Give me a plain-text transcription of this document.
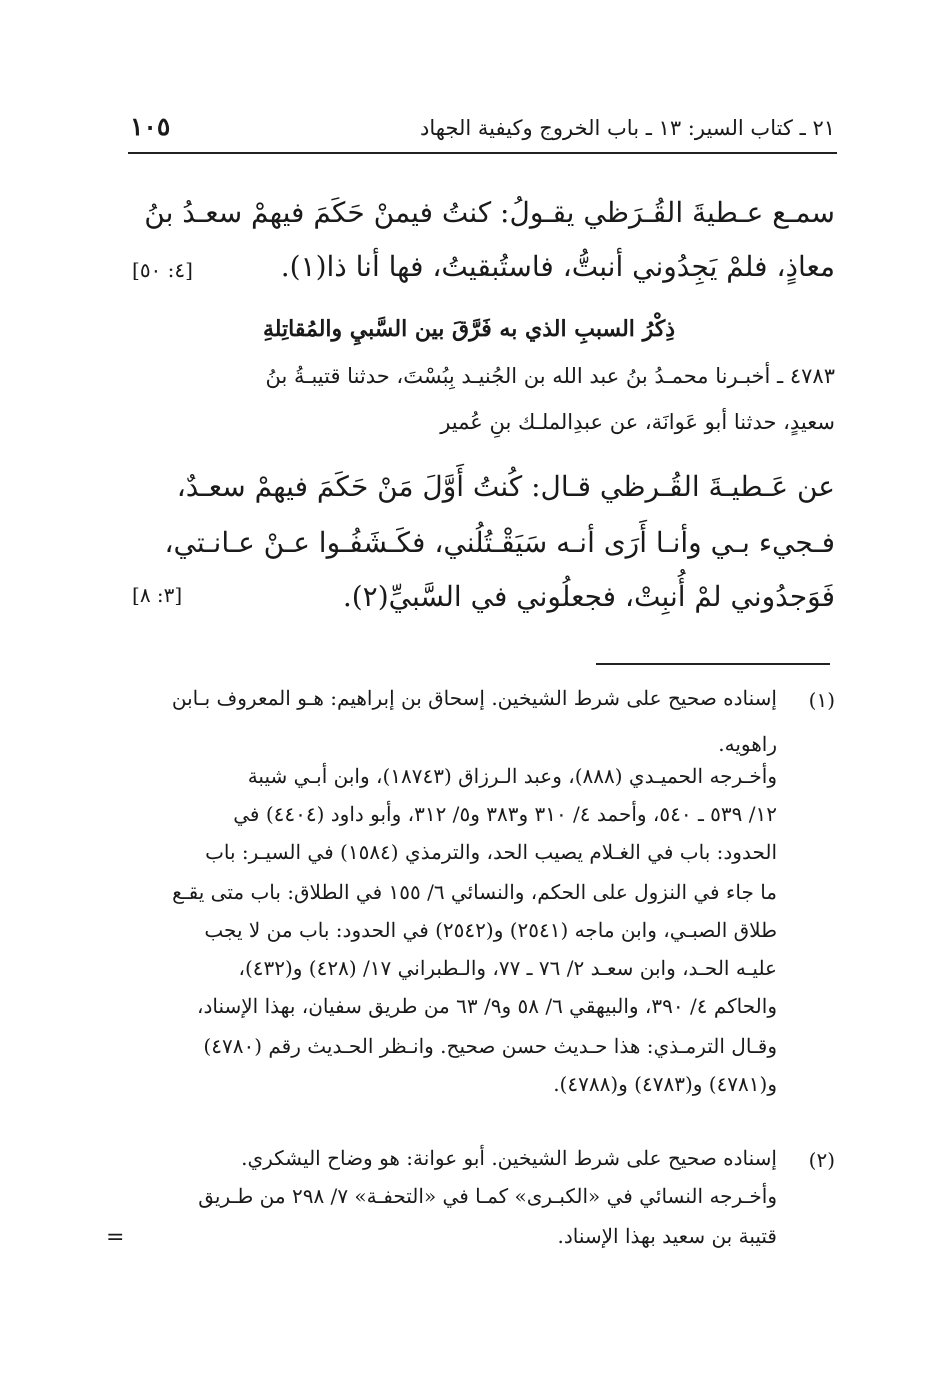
٢١ ـ كتاب السير: ١٣ ـ باب الخروج وكيفية الجهاد
١٠٥
سمـع عـطيةَ القُـرَظي يقـولُ: كنتُ فيمنْ حَكَمَ فيهمْ سعـدُ بنُ
معاذٍ، فلمْ يَجِدُوني أنبتُّ، فاستُبقيتُ، فها أنا ذا(١).
[٤: ٥٠]
ذِكْرُ السببِ الذي به فَرَّقَ بين السَّبيِ والمُقاتِلةِ
٤٧٨٣ ـ أخبـرنا محمـدُ بنُ عبد الله بن الجُنيـد بِبُسْتَ، حدثنا قتيبـةُ بنُ
سعيدٍ، حدثنا أبو عَوانَة، عن عبدِالملـك بنِ عُمير
عن عَـطيـةَ القُـرظي قـال: كُنتُ أَوَّلَ مَنْ حَكَمَ فيهمْ سعـدٌ،
فـجيء بـي وأنـا أَرَى أنـه سَيَقْـتُلُني، فكَـشَفُـوا عـنْ عـانـتي،
فَوَجدُوني لمْ أُنبِتْ، فجعلُوني في السَّبيِّ(٢).
[٣: ٨]
(١)
إسناده صحيح على شرط الشيخين. إسحاق بن إبراهيم: هـو المعروف بـابن
راهويه.
وأخـرجه الحميـدي (٨٨٨)، وعبد الـرزاق (١٨٧٤٣)، وابن أبـي شيبة
١٢/ ٥٣٩ ـ ٥٤٠، وأحمد ٤/ ٣١٠ و٣٨٣ و٥/ ٣١٢، وأبو داود (٤٤٠٤) في
الحدود: باب في الغـلام يصيب الحد، والترمذي (١٥٨٤) في السيـر: باب
ما جاء في النزول على الحكم، والنسائي ٦/ ١٥٥ في الطلاق: باب متى يقـع
طلاق الصبـي، وابن ماجه (٢٥٤١) و(٢٥٤٢) في الحدود: باب من لا يجب
عليـه الحـد، وابن سعـد ٢/ ٧٦ ـ ٧٧، والـطبراني ١٧/ (٤٢٨) و(٤٣٢)،
والحاكم ٤/ ٣٩٠، والبيهقي ٦/ ٥٨ و٩/ ٦٣ من طريق سفيان، بهذا الإسناد،
وقـال الترمـذي: هذا حـديث حسن صحيح. وانـظر الحـديث رقم (٤٧٨٠)
و(٤٧٨١) و(٤٧٨٣) و(٤٧٨٨).
(٢)
إسناده صحيح على شرط الشيخين. أبو عوانة: هو وضاح اليشكري.
وأخـرجه النسائي في «الكبـرى» كمـا في «التحفـة» ٧/ ٢٩٨ من طـريق
قتيبة بن سعيد بهذا الإسناد.
=
